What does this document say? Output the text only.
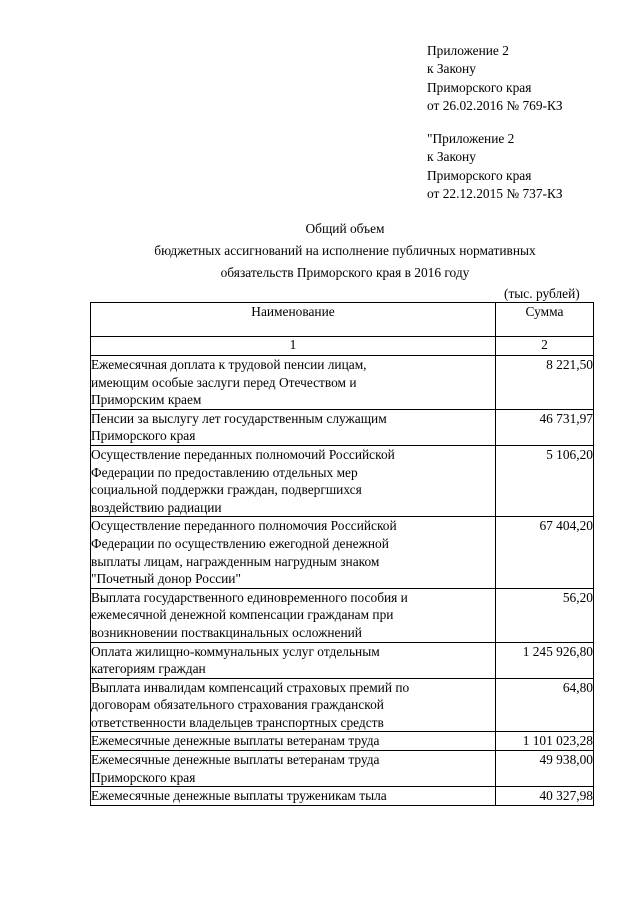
Приложение 2
к Закону
Приморского края
от 26.02.2016 № 769-КЗ
"Приложение 2
к Закону
Приморского края
от 22.12.2015 № 737-КЗ
Общий объем
бюджетных ассигнований на исполнение публичных нормативных
обязательств Приморского края в 2016 году
(тыс. рублей)
Наименование	Сумма
1	2

Ежемесячная доплата к трудовой пенсии лицам,
имеющим особые заслуги перед Отечеством и
Приморским краем	8 221,50

Пенсии за выслугу лет государственным служащим
Приморского края	46 731,97

Осуществление переданных полномочий Российской
Федерации по предоставлению отдельных мер
социальной поддержки граждан, подвергшихся
воздействию радиации	5 106,20

Осуществление переданного полномочия Российской
Федерации по осуществлению ежегодной денежной
выплаты лицам, награжденным нагрудным знаком
"Почетный донор России"	67 404,20

Выплата государственного единовременного пособия и
ежемесячной денежной компенсации гражданам при
возникновении поствакцинальных осложнений	56,20

Оплата жилищно-коммунальных услуг отдельным
категориям граждан	1 245 926,80

Выплата инвалидам компенсаций страховых премий по
договорам обязательного страхования гражданской
ответственности владельцев транспортных средств	64,80

Ежемесячные денежные выплаты ветеранам труда	1 101 023,28

Ежемесячные денежные выплаты ветеранам труда
Приморского края	49 938,00

Ежемесячные денежные выплаты труженикам тыла	40 327,98
